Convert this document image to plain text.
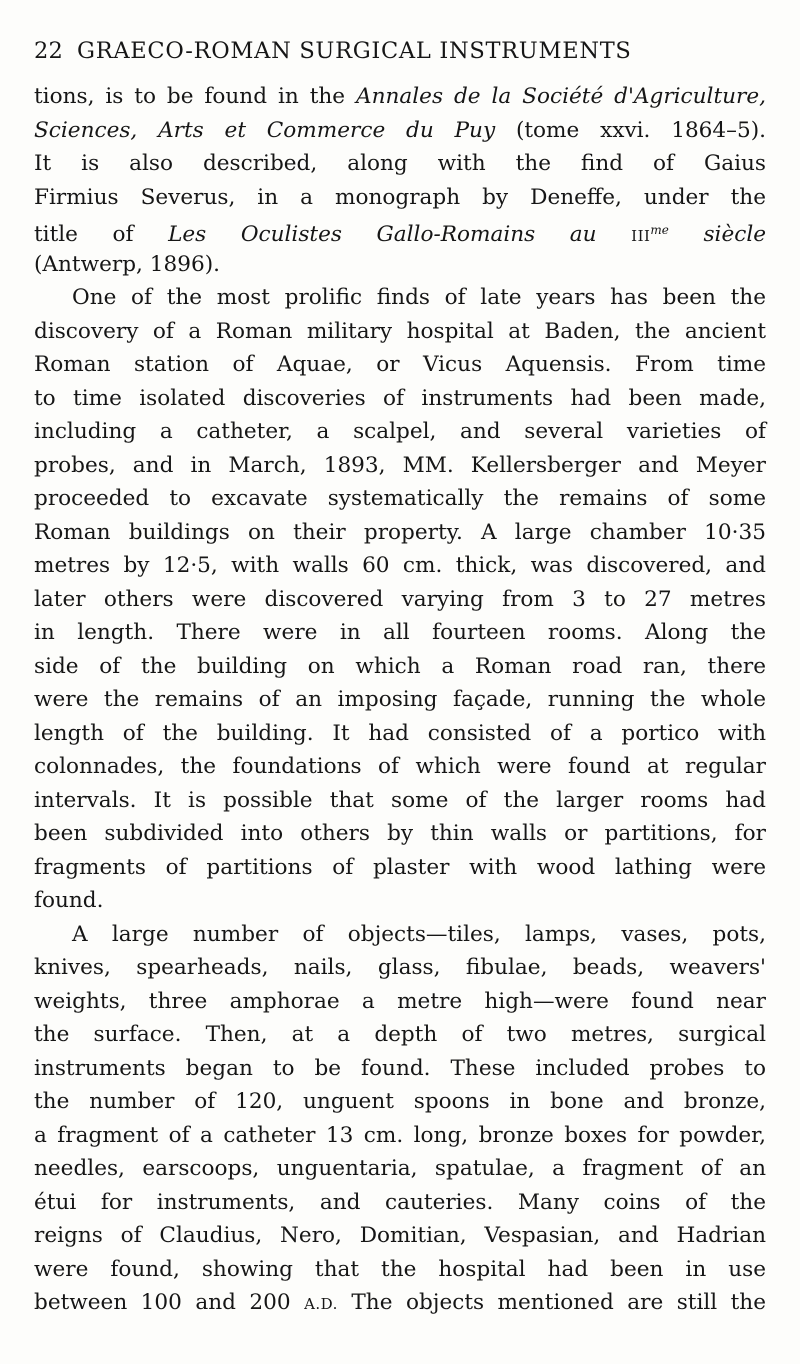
22 GRAECO-ROMAN SURGICAL INSTRUMENTS
tions, is to be found in the Annales de la Société d'Agriculture,
Sciences, Arts et Commerce du Puy (tome xxvi. 1864–5).
It is also described, along with the find of Gaius
Firmius Severus, in a monograph by Deneffe, under the
title of Les Oculistes Gallo-Romains au $III^{me}$ siècle
(Antwerp, 1896).
One of the most prolific finds of late years has been the
discovery of a Roman military hospital at Baden, the ancient
Roman station of Aquae, or Vicus Aquensis. From time
to time isolated discoveries of instruments had been made,
including a catheter, a scalpel, and several varieties of
probes, and in March, 1893, MM. Kellersberger and Meyer
proceeded to excavate systematically the remains of some
Roman buildings on their property. A large chamber 10·35
metres by 12·5, with walls 60 cm. thick, was discovered, and
later others were discovered varying from 3 to 27 metres
in length. There were in all fourteen rooms. Along the
side of the building on which a Roman road ran, there
were the remains of an imposing façade, running the whole
length of the building. It had consisted of a portico with
colonnades, the foundations of which were found at regular
intervals. It is possible that some of the larger rooms had
been subdivided into others by thin walls or partitions, for
fragments of partitions of plaster with wood lathing were
found.
A large number of objects—tiles, lamps, vases, pots,
knives, spearheads, nails, glass, fibulae, beads, weavers'
weights, three amphorae a metre high—were found near
the surface. Then, at a depth of two metres, surgical
instruments began to be found. These included probes to
the number of 120, unguent spoons in bone and bronze,
a fragment of a catheter 13 cm. long, bronze boxes for powder,
needles, earscoops, unguentaria, spatulae, a fragment of an
étui for instruments, and cauteries. Many coins of the
reigns of Claudius, Nero, Domitian, Vespasian, and Hadrian
were found, showing that the hospital had been in use
between 100 and 200 A.D. The objects mentioned are still the
